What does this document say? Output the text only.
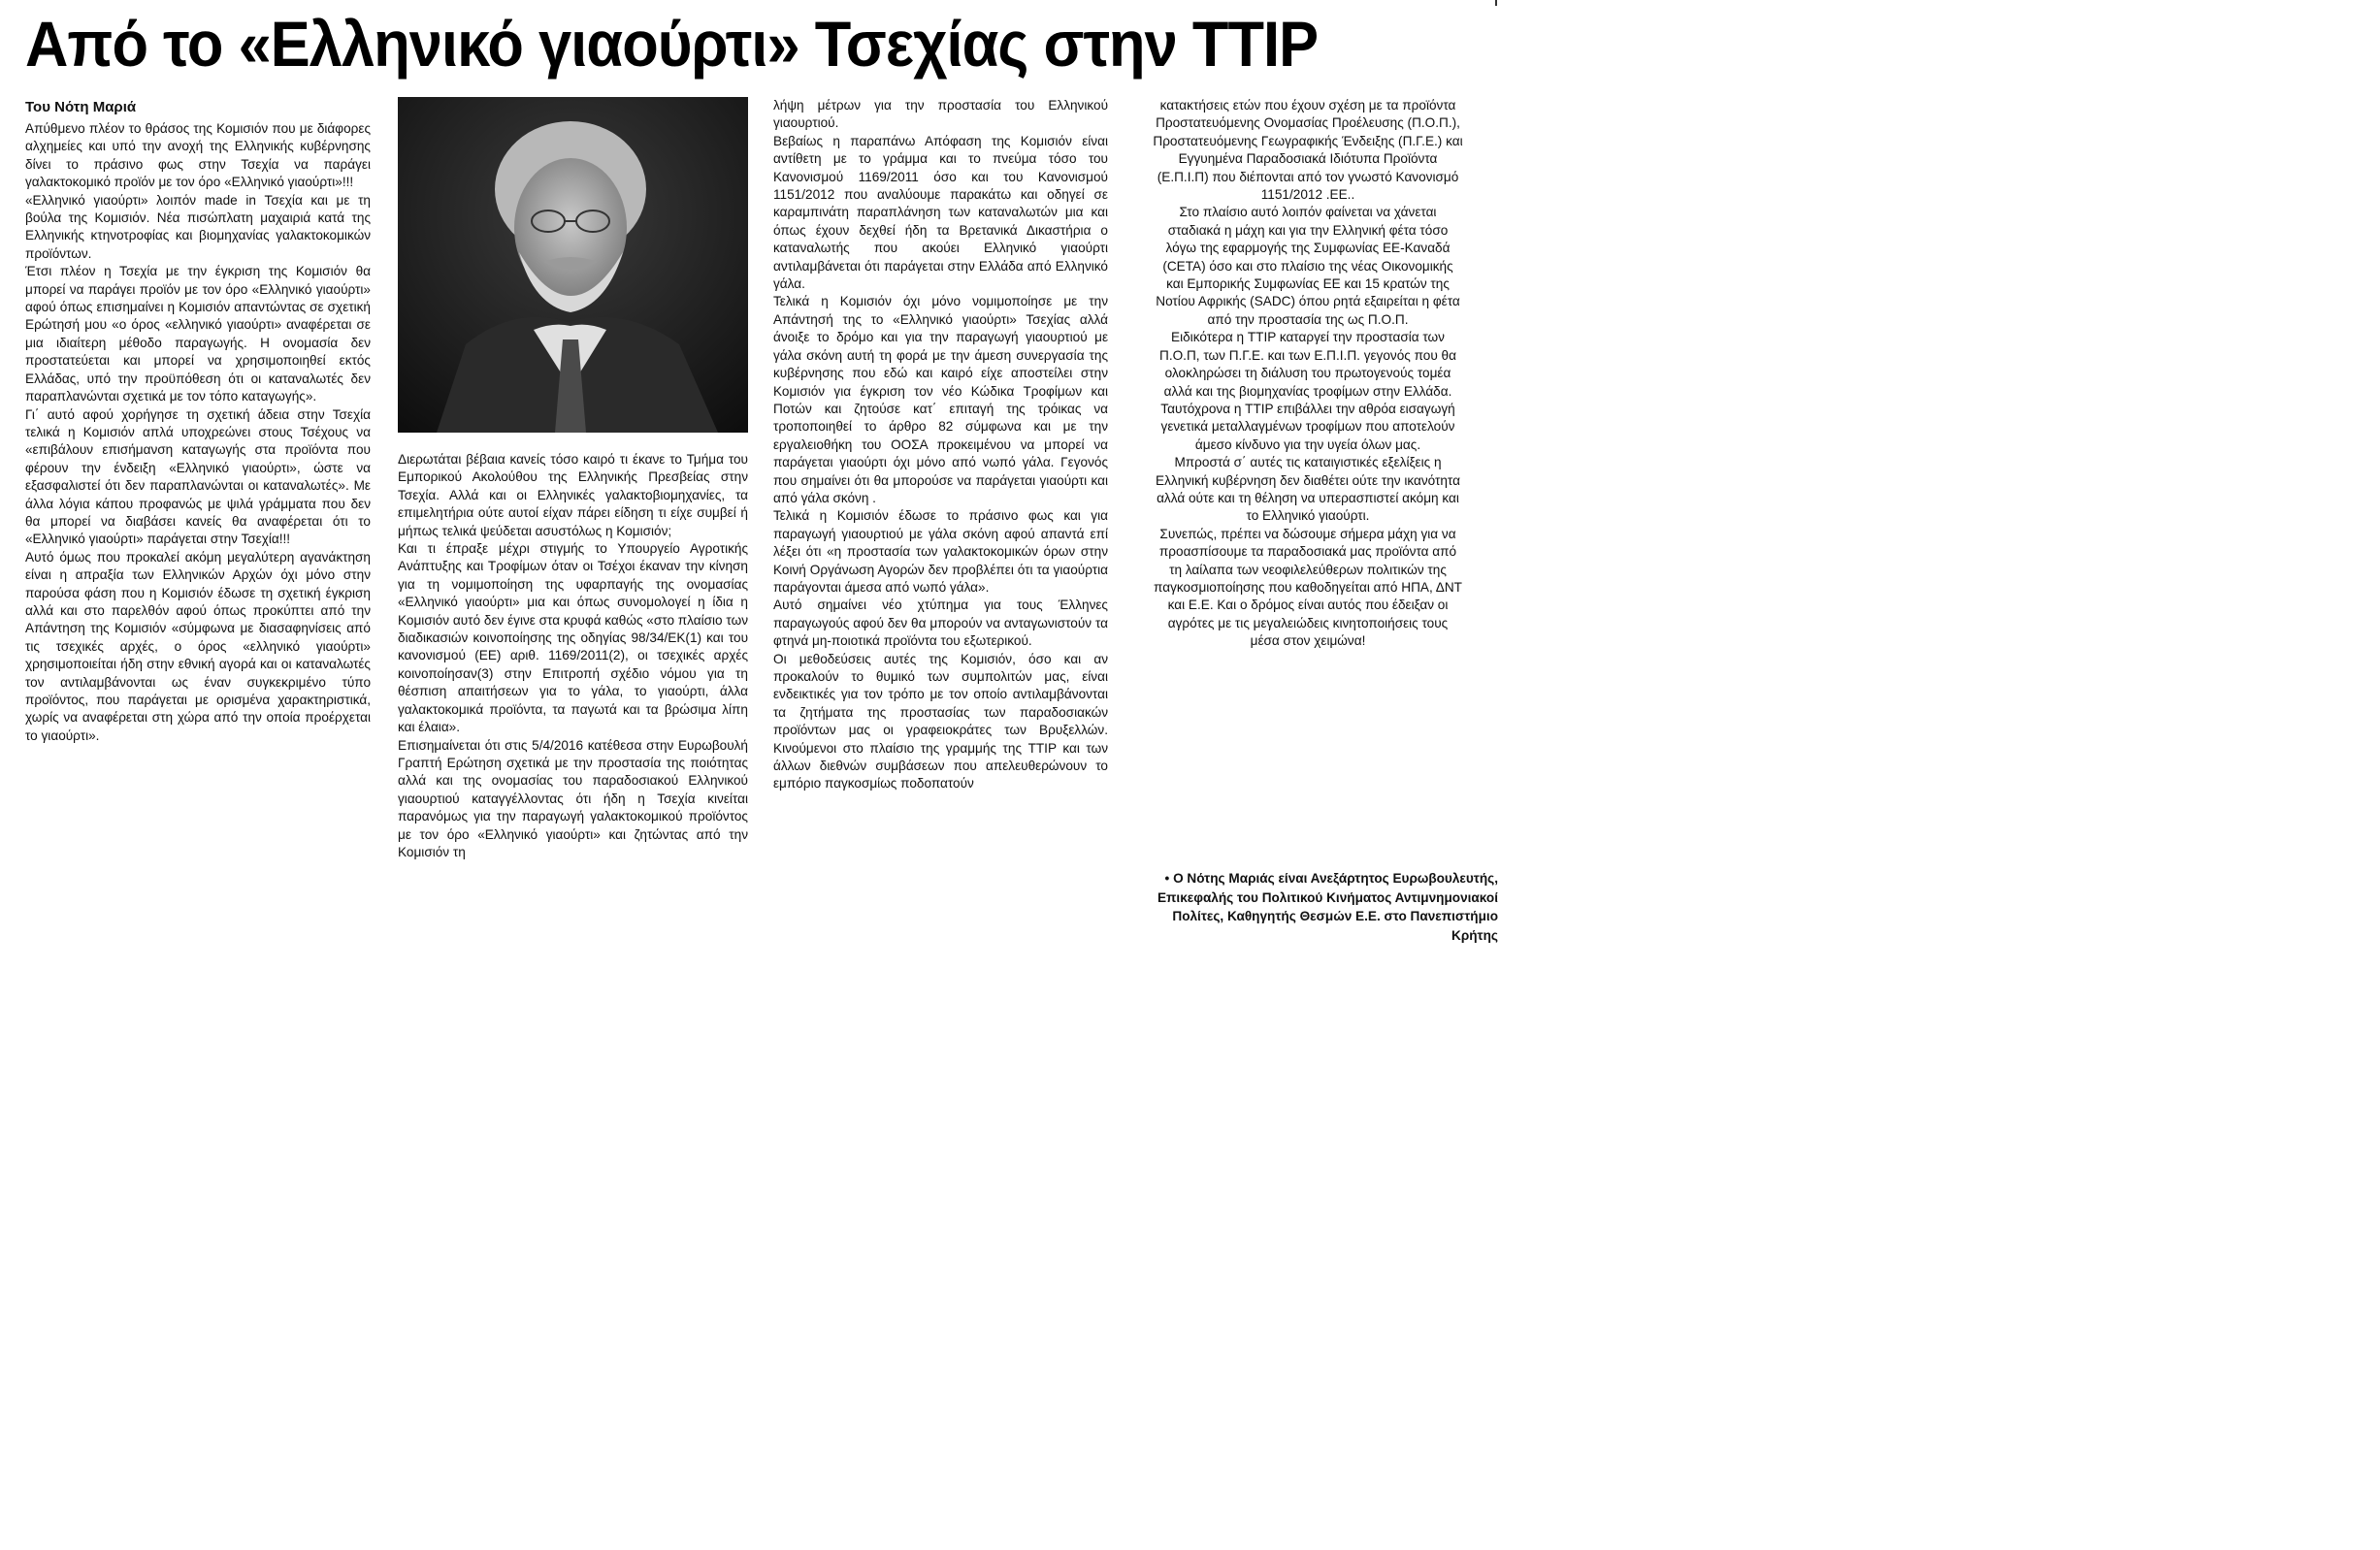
Από το «Ελληνικό γιαούρτι» Τσεχίας στην TTIP
Του Νότη Μαριά

Απύθμενο πλέον το θράσος της Κομισιόν που με διάφορες αλχημείες και υπό την ανοχή της Ελληνικής κυβέρνησης δίνει το πράσινο φως στην Τσεχία να παράγει γαλακτοκομικό προϊόν με τον όρο «Ελληνικό γιαούρτι»!!!

«Ελληνικό γιαούρτι» λοιπόν made in Τσεχία και με τη βούλα της Κομισιόν. Νέα πισώπλατη μαχαιριά κατά της Ελληνικής κτηνοτροφίας και βιομηχανίας γαλακτοκομικών προϊόντων.

Έτσι πλέον η Τσεχία με την έγκριση της Κομισιόν θα μπορεί να παράγει προϊόν με τον όρο «Ελληνικό γιαούρτι» αφού όπως επισημαίνει η Κομισιόν απαντώντας σε σχετική Ερώτησή μου «ο όρος «ελληνικό γιαούρτι» αναφέρεται σε μια ιδιαίτερη μέθοδο παραγωγής. Η ονομασία δεν προστατεύεται και μπορεί να χρησιμοποιηθεί εκτός Ελλάδας, υπό την προϋπόθεση ότι οι καταναλωτές δεν παραπλανώνται σχετικά με τον τόπο καταγωγής».

Γι΄ αυτό αφού χορήγησε τη σχετική άδεια στην Τσεχία τελικά η Κομισιόν απλά υποχρεώνει στους Τσέχους να «επιβάλουν επισήμανση καταγωγής στα προϊόντα που φέρουν την ένδειξη «Ελληνικό γιαούρτι», ώστε να εξασφαλιστεί ότι δεν παραπλανώνται οι καταναλωτές». Με άλλα λόγια κάπου προφανώς με ψιλά γράμματα που δεν θα μπορεί να διαβάσει κανείς θα αναφέρεται ότι το «Ελληνικό γιαούρτι» παράγεται στην Τσεχία!!!

Αυτό όμως που προκαλεί ακόμη μεγαλύτερη αγανάκτηση είναι η απραξία των Ελληνικών Αρχών όχι μόνο στην παρούσα φάση που η Κομισιόν έδωσε τη σχετική έγκριση αλλά και στο παρελθόν αφού όπως προκύπτει από την Απάντηση της Κομισιόν «σύμφωνα με διασαφηνίσεις από τις τσεχικές αρχές, ο όρος «ελληνικό γιαούρτι» χρησιμοποιείται ήδη στην εθνική αγορά και οι καταναλωτές τον αντιλαμβάνονται ως έναν συγκεκριμένο τύπο προϊόντος, που παράγεται με ορισμένα χαρακτηριστικά, χωρίς να αναφέρεται στη χώρα από την οποία προέρχεται το γιαούρτι».

Διερωτάται βέβαια κανείς τόσο καιρό τι έκανε το Τμήμα του Εμπορικού Ακολούθου της Ελληνικής Πρεσβείας στην Τσεχία. Αλλά και οι Ελληνικές γαλακτοβιομηχανίες, τα επιμελητήρια ούτε αυτοί είχαν πάρει είδηση τι είχε συμβεί ή μήπως τελικά ψεύδεται ασυστόλως η Κομισιόν;

Και τι έπραξε μέχρι στιγμής το Υπουργείο Αγροτικής Ανάπτυξης και Τροφίμων όταν οι Τσέχοι έκαναν την κίνηση για τη νομιμοποίηση της υφαρπαγής της ονομασίας «Ελληνικό γιαούρτι» μια και όπως συνομολογεί η ίδια η Κομισιόν αυτό δεν έγινε στα κρυφά καθώς «στο πλαίσιο των διαδικασιών κοινοποίησης της οδηγίας 98/34/ΕΚ(1) και του κανονισμού (ΕΕ) αριθ. 1169/2011(2), οι τσεχικές αρχές κοινοποίησαν(3) στην Επιτροπή σχέδιο νόμου για τη θέσπιση απαιτήσεων για το γάλα, το γιαούρτι, άλλα γαλακτοκομικά προϊόντα, τα παγωτά και τα βρώσιμα λίπη και έλαια».

Επισημαίνεται ότι στις 5/4/2016 κατέθεσα στην Ευρωβουλή Γραπτή Ερώτηση σχετικά με την προστασία της ποιότητας αλλά και της ονομασίας του παραδοσιακού Ελληνικού γιαουρτιού καταγγέλλοντας ότι ήδη η Τσεχία κινείται παρανόμως για την παραγωγή γαλακτοκομικού προϊόντος με τον όρο «Ελληνικό γιαούρτι» και ζητώντας από την Κομισιόν τη

λήψη μέτρων για την προστασία του Ελληνικού γιαουρτιού.

Βεβαίως η παραπάνω Απόφαση της Κομισιόν είναι αντίθετη με το γράμμα και το πνεύμα τόσο του Κανονισμού 1169/2011 όσο και του Κανονισμού 1151/2012 που αναλύουμε παρακάτω και οδηγεί σε καραμπινάτη παραπλάνηση των καταναλωτών μια και όπως έχουν δεχθεί ήδη τα Βρετανικά Δικαστήρια ο καταναλωτής που ακούει Ελληνικό γιαούρτι αντιλαμβάνεται ότι παράγεται στην Ελλάδα από Ελληνικό γάλα.

Τελικά η Κομισιόν όχι μόνο νομιμοποίησε με την Απάντησή της το «Ελληνικό γιαούρτι» Τσεχίας αλλά άνοιξε το δρόμο και για την παραγωγή γιαουρτιού με γάλα σκόνη αυτή τη φορά με την άμεση συνεργασία της κυβέρνησης που εδώ και καιρό είχε αποστείλει στην Κομισιόν για έγκριση τον νέο Κώδικα Τροφίμων και Ποτών και ζητούσε κατ΄ επιταγή της τρόικας να τροποποιηθεί το άρθρο 82 σύμφωνα και με την εργαλειοθήκη του ΟΟΣΑ προκειμένου να μπορεί να παράγεται γιαούρτι όχι μόνο από νωπό γάλα. Γεγονός που σημαίνει ότι θα μπορούσε να παράγεται γιαούρτι και από γάλα σκόνη .

Τελικά η Κομισιόν έδωσε το πράσινο φως και για παραγωγή γιαουρτιού με γάλα σκόνη αφού απαντά επί λέξει ότι «η προστασία των γαλακτοκομικών όρων στην Κοινή Οργάνωση Αγορών δεν προβλέπει ότι τα γιαούρτια παράγονται άμεσα από νωπό γάλα».

Αυτό σημαίνει νέο χτύπημα για τους Έλληνες παραγωγούς αφού δεν θα μπορούν να ανταγωνιστούν τα φτηνά μη-ποιοτικά προϊόντα του εξωτερικού.

Οι μεθοδεύσεις αυτές της Κομισιόν, όσο και αν προκαλούν το θυμικό των συμπολιτών μας, είναι ενδεικτικές για τον τρόπο με τον οποίο αντιλαμβάνονται τα ζητήματα της προστασίας των παραδοσιακών προϊόντων μας οι γραφειοκράτες των Βρυξελλών. Κινούμενοι στο πλαίσιο της γραμμής της TTIP και των άλλων διεθνών συμβάσεων που απελευθερώνουν το εμπόριο παγκοσμίως ποδοπατούν

κατακτήσεις ετών που έχουν σχέση με τα προϊόντα Προστατευόμενης Ονομασίας Προέλευσης (Π.Ο.Π.), Προστατευόμενης Γεωγραφικής Ένδειξης (Π.Γ.Ε.) και Εγγυημένα Παραδοσιακά Ιδιότυπα Προϊόντα (Ε.Π.Ι.Π) που διέπονται από τον γνωστό Κανονισμό 1151/2012 .ΕΕ..

Στο πλαίσιο αυτό λοιπόν φαίνεται να χάνεται σταδιακά η μάχη και για την Ελληνική φέτα τόσο λόγω της εφαρμογής της Συμφωνίας ΕΕ-Καναδά (CETA) όσο και στο πλαίσιο της νέας Οικονομικής και Εμπορικής Συμφωνίας ΕΕ και 15 κρατών της Νοτίου Αφρικής (SADC) όπου ρητά εξαιρείται η φέτα από την προστασία της ως Π.Ο.Π.

Ειδικότερα η TTIP καταργεί την προστασία των Π.Ο.Π, των Π.Γ.Ε. και των Ε.Π.Ι.Π. γεγονός που θα ολοκληρώσει τη διάλυση του πρωτογενούς τομέα αλλά και της βιομηχανίας τροφίμων στην Ελλάδα. Ταυτόχρονα η TTIP επιβάλλει την αθρόα εισαγωγή γενετικά μεταλλαγμένων τροφίμων που αποτελούν άμεσο κίνδυνο για την υγεία όλων μας.

Μπροστά σ΄ αυτές τις καταιγιστικές εξελίξεις η Ελληνική κυβέρνηση δεν διαθέτει ούτε την ικανότητα αλλά ούτε και τη θέληση να υπερασπιστεί ακόμη και το Ελληνικό γιαούρτι.

Συνεπώς, πρέπει να δώσουμε σήμερα μάχη για να προασπίσουμε τα παραδοσιακά μας προϊόντα από τη λαίλαπα των νεοφιλελεύθερων πολιτικών της παγκοσμιοποίησης που καθοδηγείται από ΗΠΑ, ΔΝΤ και Ε.Ε. Και ο δρόμος είναι αυτός που έδειξαν οι αγρότες με τις μεγαλειώδεις κινητοποιήσεις τους μέσα στον χειμώνα!

• Ο Νότης Μαριάς είναι Ανεξάρτητος Ευρωβουλευτής, Επικεφαλής του Πολιτικού Κινήματος Αντιμνημονιακοί Πολίτες, Καθηγητής Θεσμών Ε.Ε. στο Πανεπιστήμιο Κρήτης
